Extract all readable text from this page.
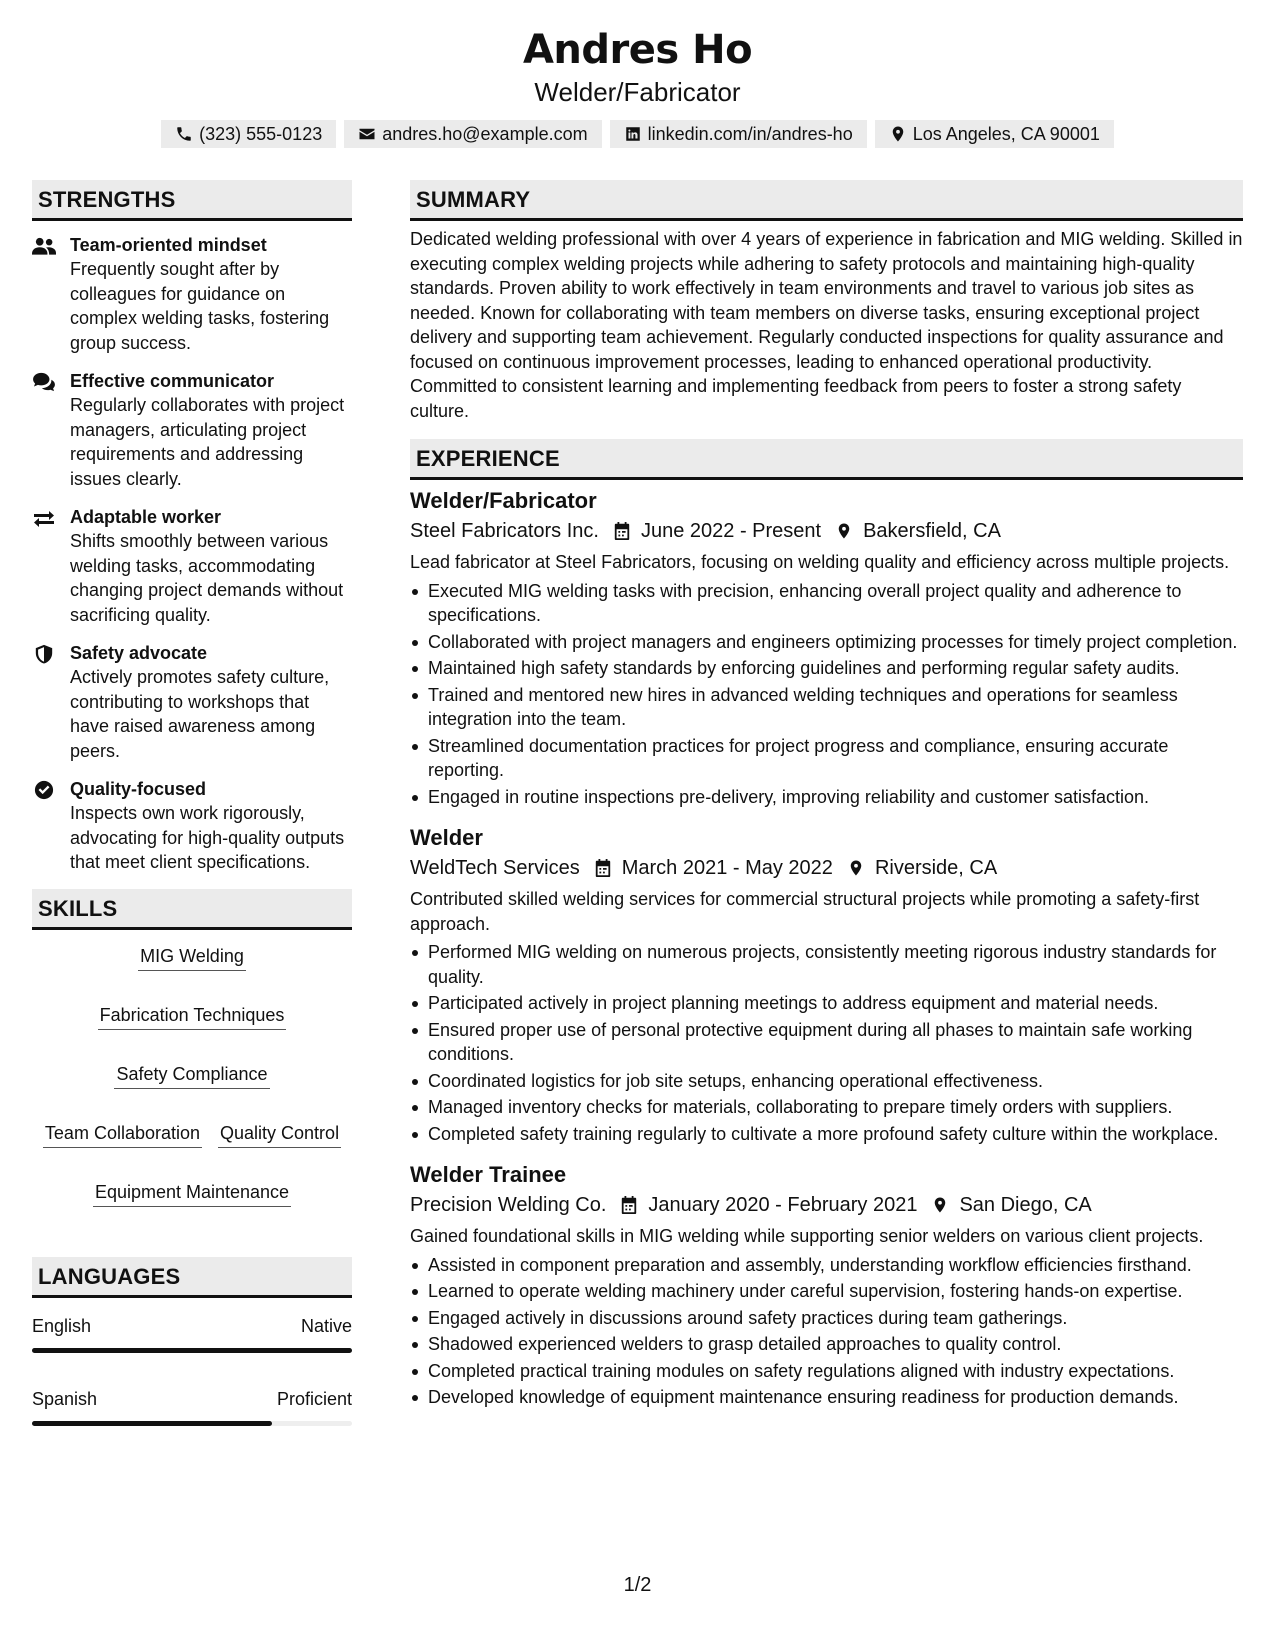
Andres Ho
Welder/Fabricator
(323) 555-0123	andres.ho@example.com	linkedin.com/in/andres-ho	Los Angeles, CA 90001
STRENGTHS
Team-oriented mindset
Frequently sought after by colleagues for guidance on complex welding tasks, fostering group success.
Effective communicator
Regularly collaborates with project managers, articulating project requirements and addressing issues clearly.
Adaptable worker
Shifts smoothly between various welding tasks, accommodating changing project demands without sacrificing quality.
Safety advocate
Actively promotes safety culture, contributing to workshops that have raised awareness among peers.
Quality-focused
Inspects own work rigorously, advocating for high-quality outputs that meet client specifications.
SKILLS
MIG Welding
Fabrication Techniques
Safety Compliance
Team Collaboration Quality Control
Equipment Maintenance
LANGUAGES
English	Native
Spanish	Proficient
SUMMARY
Dedicated welding professional with over 4 years of experience in fabrication and MIG welding. Skilled in executing complex welding projects while adhering to safety protocols and maintaining high-quality standards. Proven ability to work effectively in team environments and travel to various job sites as needed. Known for collaborating with team members on diverse tasks, ensuring exceptional project delivery and supporting team achievement. Regularly conducted inspections for quality assurance and focused on continuous improvement processes, leading to enhanced operational productivity. Committed to consistent learning and implementing feedback from peers to foster a strong safety culture.
EXPERIENCE
Welder/Fabricator
Steel Fabricators Inc. June 2022 - Present Bakersfield, CA
Lead fabricator at Steel Fabricators, focusing on welding quality and efficiency across multiple projects.
Executed MIG welding tasks with precision, enhancing overall project quality and adherence to specifications.
Collaborated with project managers and engineers optimizing processes for timely project completion.
Maintained high safety standards by enforcing guidelines and performing regular safety audits.
Trained and mentored new hires in advanced welding techniques and operations for seamless integration into the team.
Streamlined documentation practices for project progress and compliance, ensuring accurate reporting.
Engaged in routine inspections pre-delivery, improving reliability and customer satisfaction.
Welder
WeldTech Services March 2021 - May 2022 Riverside, CA
Contributed skilled welding services for commercial structural projects while promoting a safety-first approach.
Performed MIG welding on numerous projects, consistently meeting rigorous industry standards for quality.
Participated actively in project planning meetings to address equipment and material needs.
Ensured proper use of personal protective equipment during all phases to maintain safe working conditions.
Coordinated logistics for job site setups, enhancing operational effectiveness.
Managed inventory checks for materials, collaborating to prepare timely orders with suppliers.
Completed safety training regularly to cultivate a more profound safety culture within the workplace.
Welder Trainee
Precision Welding Co. January 2020 - February 2021 San Diego, CA
Gained foundational skills in MIG welding while supporting senior welders on various client projects.
Assisted in component preparation and assembly, understanding workflow efficiencies firsthand.
Learned to operate welding machinery under careful supervision, fostering hands-on expertise.
Engaged actively in discussions around safety practices during team gatherings.
Shadowed experienced welders to grasp detailed approaches to quality control.
Completed practical training modules on safety regulations aligned with industry expectations.
Developed knowledge of equipment maintenance ensuring readiness for production demands.
1/2
